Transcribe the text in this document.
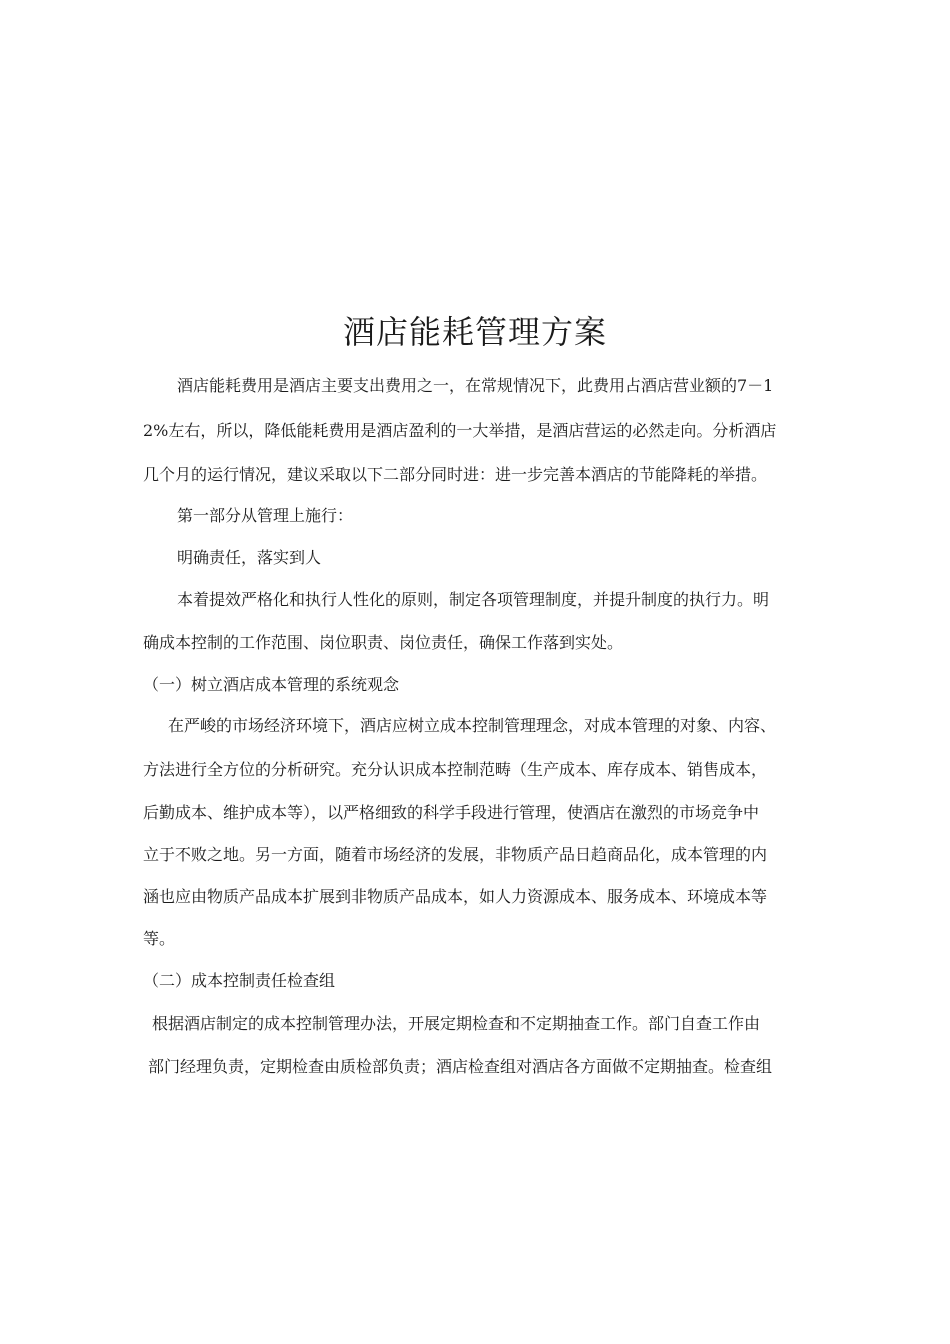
酒店能耗管理方案

酒店能耗费用是酒店主要支出费用之一，在常规情况下，此费用占酒店营业额的7－1

2%左右，所以，降低能耗费用是酒店盈利的一大举措，是酒店营运的必然走向。分析酒店

几个月的运行情况，建议采取以下二部分同时进：进一步完善本酒店的节能降耗的举措。

第一部分从管理上施行：

明确责任，落实到人

本着提效严格化和执行人性化的原则，制定各项管理制度，并提升制度的执行力。明

确成本控制的工作范围、岗位职责、岗位责任，确保工作落到实处。

（一）树立酒店成本管理的系统观念

在严峻的市场经济环境下，酒店应树立成本控制管理理念，对成本管理的对象、内容、

方法进行全方位的分析研究。充分认识成本控制范畴（生产成本、库存成本、销售成本，

后勤成本、维护成本等），以严格细致的科学手段进行管理，使酒店在激烈的市场竞争中

立于不败之地。另一方面，随着市场经济的发展，非物质产品日趋商品化，成本管理的内

涵也应由物质产品成本扩展到非物质产品成本，如人力资源成本、服务成本、环境成本等

等。

（二）成本控制责任检查组

根据酒店制定的成本控制管理办法，开展定期检查和不定期抽查工作。部门自查工作由

部门经理负责，定期检查由质检部负责；酒店检查组对酒店各方面做不定期抽查。检查组
